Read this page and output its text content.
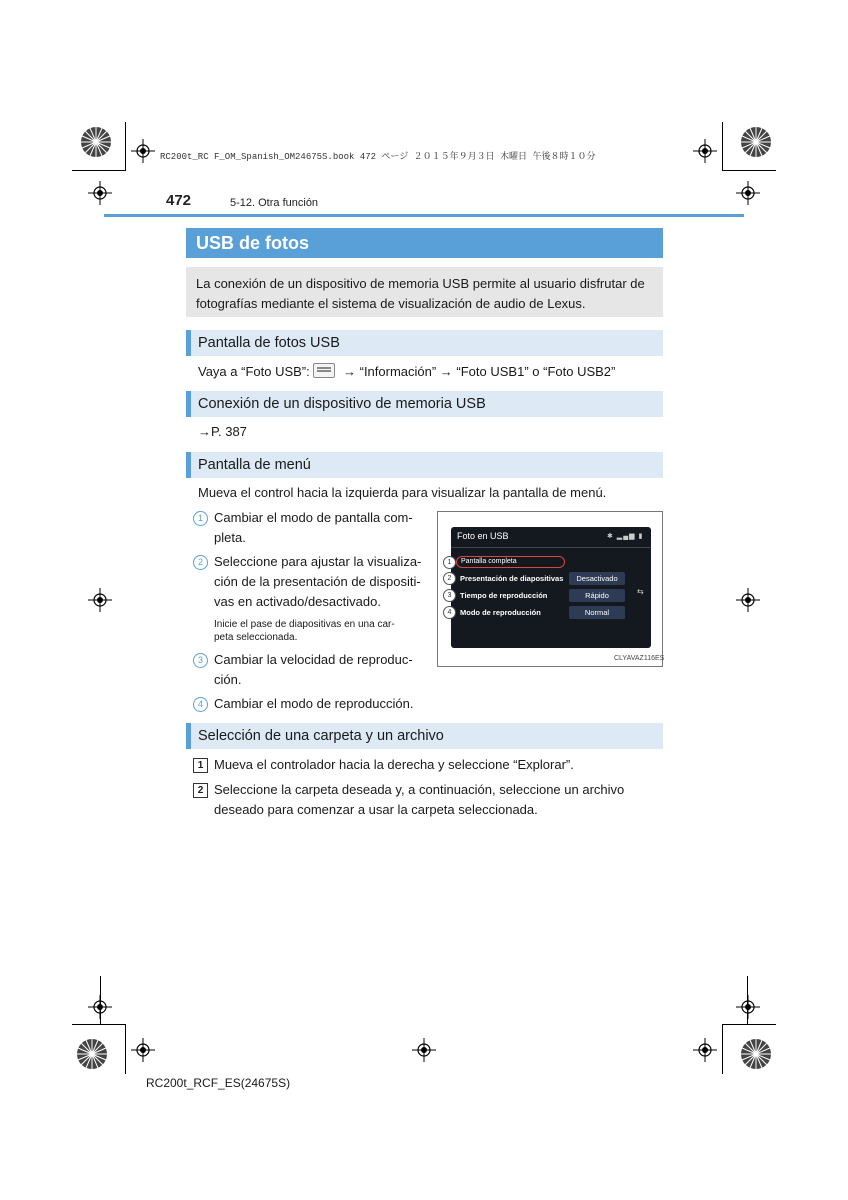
RC200t_RC F_OM_Spanish_OM24675S.book 472 ページ ２０１５年９月３日 木曜日 午後８時１０分
472	5-12. Otra función
USB de fotos
La conexión de un dispositivo de memoria USB permite al usuario disfrutar de
fotografías mediante el sistema de visualización de audio de Lexus.
Pantalla de fotos USB
Vaya a “Foto USB”:	→ “Información” → “Foto USB1” o “Foto USB2”
Conexión de un dispositivo de memoria USB
→P. 387
Pantalla de menú
Mueva el control hacia la izquierda para visualizar la pantalla de menú.
1 Cambiar el modo de pantalla com-
pleta.
2 Seleccione para ajustar la visualiza-
ción de la presentación de dispositi-
vas en activado/desactivado.
Inicie el pase de diapositivas en una car-
peta seleccionada.
3 Cambiar la velocidad de reproduc-
ción.
4 Cambiar el modo de reproducción.
Foto en USB	✱ ▂▄▆ ▮
Pantalla completa
Presentación de diapositivas	Desactivado
Tiempo de reproducción	Rápido
Modo de reproducción	Normal
⇆
1
2
3
4
CLYAVAZ116ES
Selección de una carpeta y un archivo
1 Mueva el controlador hacia la derecha y seleccione “Explorar”.
2 Seleccione la carpeta deseada y, a continuación, seleccione un archivo
deseado para comenzar a usar la carpeta seleccionada.
RC200t_RCF_ES(24675S)
